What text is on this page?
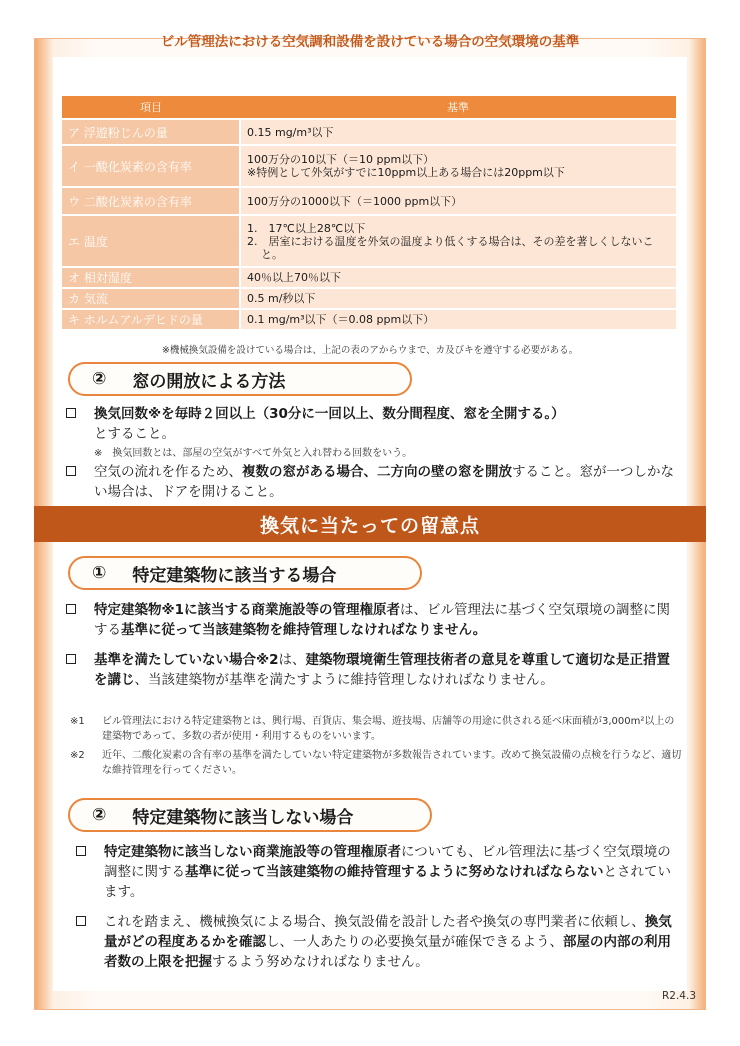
ビル管理法における空気調和設備を設けている場合の空気環境の基準
項目	基準
ア 浮遊粉じんの量	0.15 mg/m³以下
イ 一酸化炭素の含有率	100万分の10以下（＝10 ppm以下）
※特例として外気がすでに10ppm以上ある場合には20ppm以下

ウ 二酸化炭素の含有率	100万分の1000以下（＝1000 ppm以下）
エ 温度	1.　17℃以上28℃以下
2.　居室における温度を外気の温度より低くする場合は、その差を著しくしないこと。

オ 相対湿度	40％以上70％以下
カ 気流	0.5 m/秒以下
キ ホルムアルデヒドの量	0.1 mg/m³以下（＝0.08 ppm以下）
※機械換気設備を設けている場合は、上記の表のアからウまで、カ及びキを遵守する必要がある。
② 窓の開放による方法
換気回数※を毎時２回以上（30分に一回以上、数分間程度、窓を全開する。）
とすること。
※　換気回数とは、部屋の空気がすべて外気と入れ替わる回数をいう。
空気の流れを作るため、複数の窓がある場合、二方向の壁の窓を開放すること。窓が一つしかない場合は、ドアを開けること。
換気に当たっての留意点
① 特定建築物に該当する場合
特定建築物※1に該当する商業施設等の管理権原者は、ビル管理法に基づく空気環境の調整に関する基準に従って当該建築物を維持管理しなければなりません。
基準を満たしていない場合※2は、建築物環境衛生管理技術者の意見を尊重して適切な是正措置を講じ、当該建築物が基準を満たすように維持管理しなければなりません。
※1 ビル管理法における特定建築物とは、興行場、百貨店、集会場、遊技場、店舗等の用途に供される延べ床面積が3,000m²以上の建築物であって、多数の者が使用・利用するものをいいます。
※2 近年、二酸化炭素の含有率の基準を満たしていない特定建築物が多数報告されています。改めて換気設備の点検を行うなど、適切な維持管理を行ってください。
② 特定建築物に該当しない場合
特定建築物に該当しない商業施設等の管理権原者についても、ビル管理法に基づく空気環境の調整に関する基準に従って当該建築物の維持管理するように努めなければならないとされています。
これを踏まえ、機械換気による場合、換気設備を設計した者や換気の専門業者に依頼し、換気量がどの程度あるかを確認し、一人あたりの必要換気量が確保できるよう、部屋の内部の利用者数の上限を把握するよう努めなければなりません。
R2.4.3
